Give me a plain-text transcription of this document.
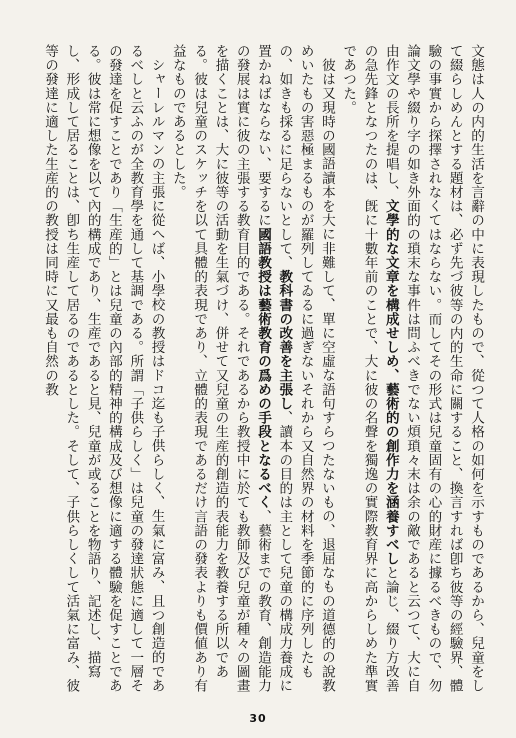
文態は人の内的生活を言辭の中に表現したもので、從つて人格の如何を示すものであるから、兒童をして綴らしめんとする題材は、必ず先づ彼等の内的生命に關すること、換言すれば卽ち彼等の經驗界、體驗の事實から探擇されなくてはならない。而してその形式は兒童固有の心的財産に據るべきもので、勿論文學や綴り字の如き外面的の瑣末な事件は問ふべきでない煩瑣々末は余の敵であると云つて、大に自由作文の長所を提唱し、文學的な文章を構成せしめ、藝術的の創作力を涵養すべしと論じ、綴り方改善の急先鋒となつたのは、旣に十數年前のことで、大に彼の名聲を獨逸の實際教育界に高からしめた準實であつた。

彼は又現時の國語讀本を大に非難して、單に空虛な語句すらつたないもの、退屈なもの道德的の說教めいたもの害惡極まるものが羅列してゐるに過ぎないそれから又自然界の材料を季節的に序列したもの、如きも採るに足らないとして、教科書の改善を主張し、讀本の目的は主として兒童の構成力養成に置かねばならない、要するに國語教授は藝術教育の爲めの手段となるべく、藝術までの教育、創造能力の發展は實に彼の主張する教育目的である。それであるから教授中に於ても教師及び兒童が種々の圖畫を描くことは、大に彼等の活動を生氣づけ、併せて又兒童の生産的創造的表能力を教養する所以である。彼は兒童のスケッチを以て具體的表現であり、立體的表現であるだけ言語の發表よりも價値あり有益なものであるとした。

シャーレルマンの主張に從へば、小學校の教授はドコ迄も子供らしく、生氣に富み、且つ創造的であるべしと云ふのが全教育學を通して基調である。所謂「子供らしく」は兒童の發達狀態に適して一層その發達を促すことであり「生産的」とは兒童の內部的精神的構成及び想像に適する體驗を促すことである。彼は常に想像を以て內的構成であり、生産であると見、兒童が或ることを物語り、記述し、描寫し、形成して居ることは、卽ち生産して居るのであるとした。そして、子供らしくして活氣に富み、彼等の發達に適した生産的の教授は同時に又最も自然の教

30
